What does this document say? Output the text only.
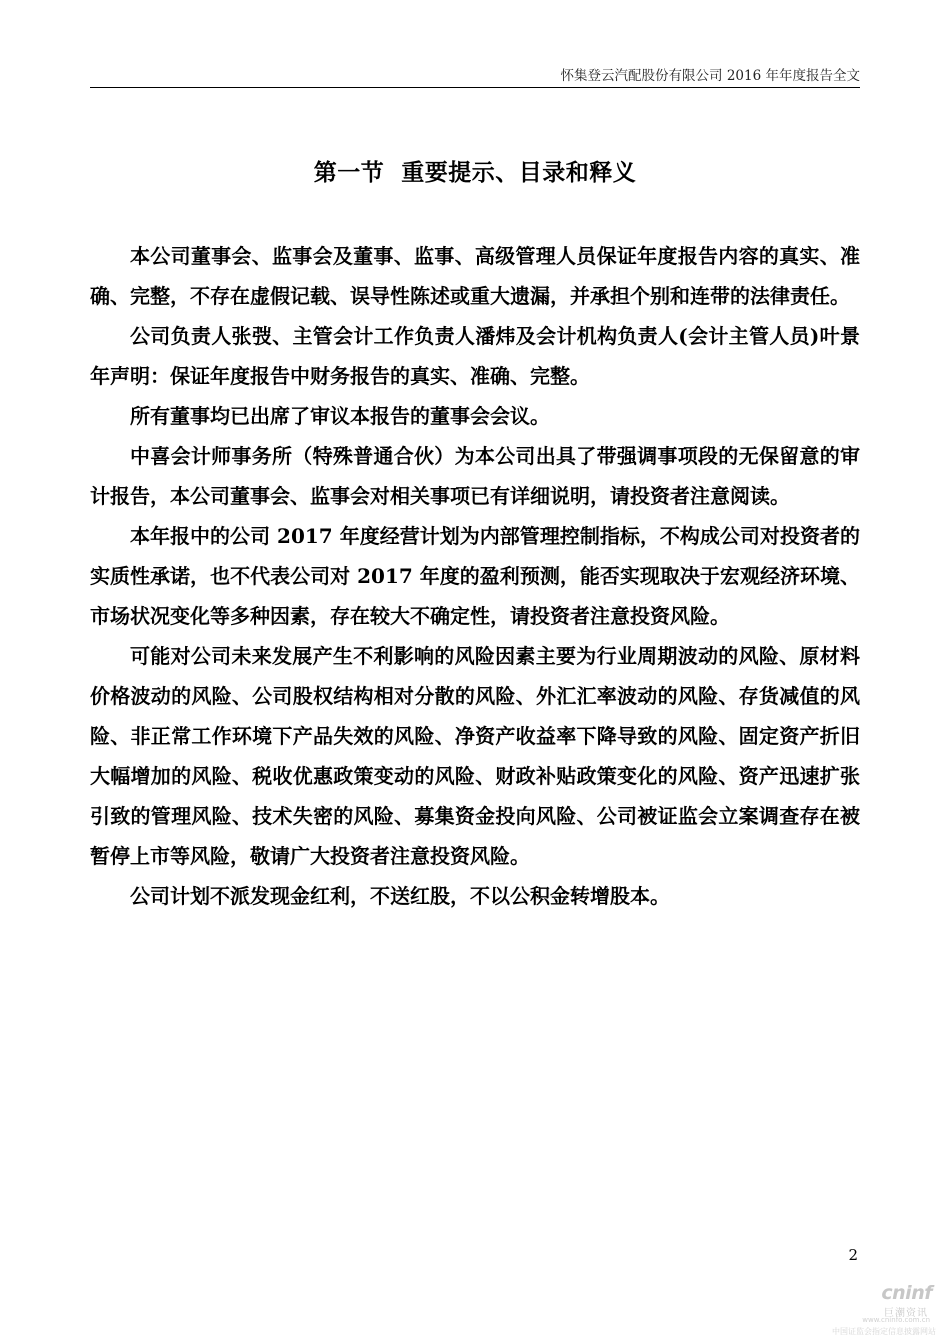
怀集登云汽配股份有限公司 2016 年年度报告全文
第一节  重要提示、目录和释义

本公司董事会、监事会及董事、监事、高级管理人员保证年度报告内容的真实、准确、完整，不存在虚假记载、误导性陈述或重大遗漏，并承担个别和连带的法律责任。

公司负责人张弢、主管会计工作负责人潘炜及会计机构负责人(会计主管人员)叶景年声明：保证年度报告中财务报告的真实、准确、完整。

所有董事均已出席了审议本报告的董事会会议。

中喜会计师事务所（特殊普通合伙）为本公司出具了带强调事项段的无保留意的审计报告，本公司董事会、监事会对相关事项已有详细说明，请投资者注意阅读。

本年报中的公司 2017 年度经营计划为内部管理控制指标，不构成公司对投资者的实质性承诺，也不代表公司对 2017 年度的盈利预测，能否实现取决于宏观经济环境、市场状况变化等多种因素，存在较大不确定性，请投资者注意投资风险。

可能对公司未来发展产生不利影响的风险因素主要为行业周期波动的风险、原材料价格波动的风险、公司股权结构相对分散的风险、外汇汇率波动的风险、存货减值的风险、非正常工作环境下产品失效的风险、净资产收益率下降导致的风险、固定资产折旧大幅增加的风险、税收优惠政策变动的风险、财政补贴政策变化的风险、资产迅速扩张引致的管理风险、技术失密的风险、募集资金投向风险、公司被证监会立案调查存在被暂停上市等风险，敬请广大投资者注意投资风险。

公司计划不派发现金红利，不送红股，不以公积金转增股本。

2
cninf
巨潮资讯
www.cninfo.com.cn
中国证监会指定信息披露网站
